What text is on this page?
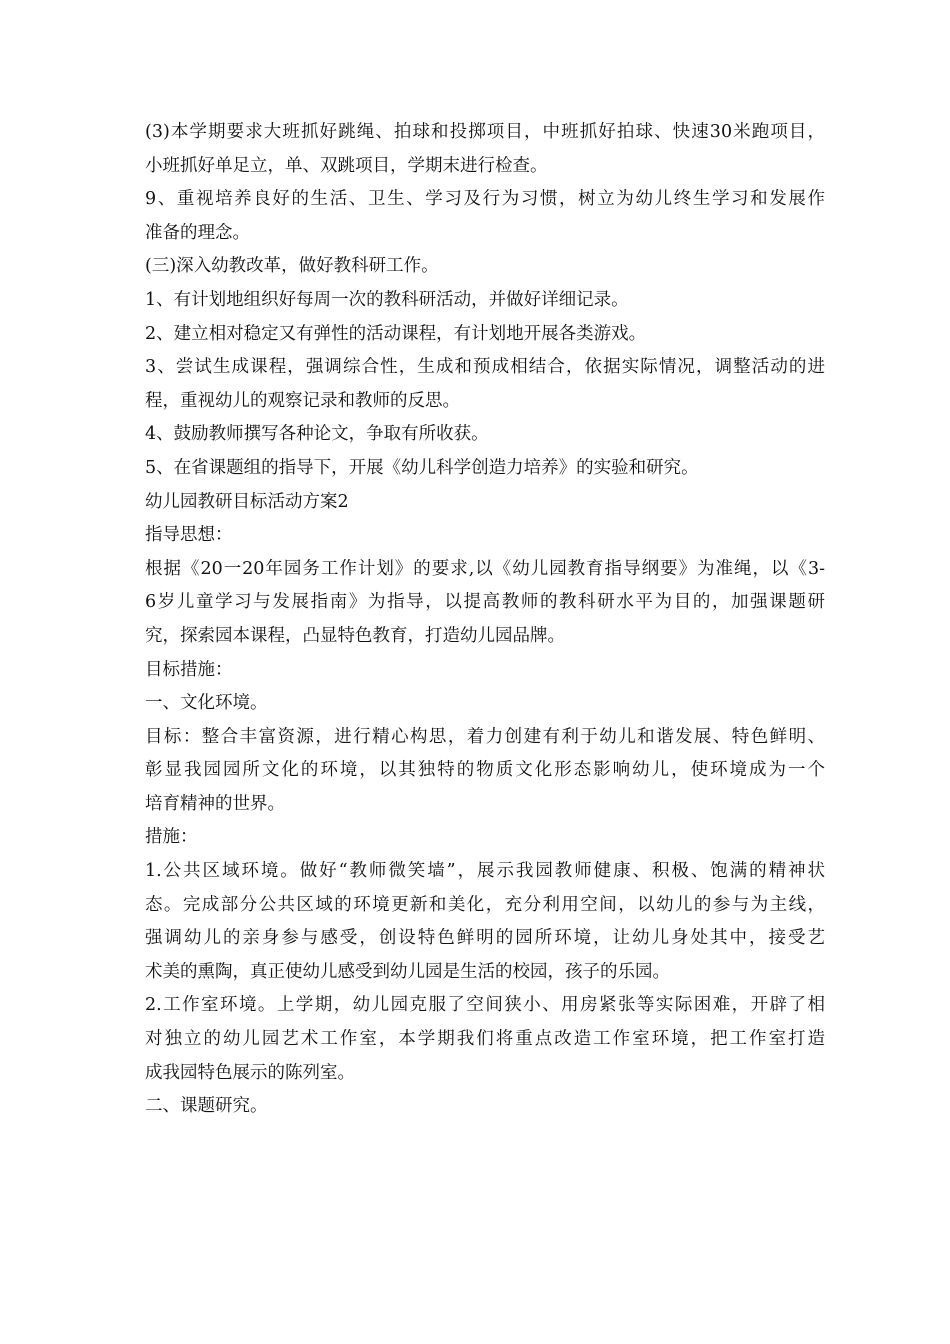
(3)本学期要求大班抓好跳绳、拍球和投掷项目，中班抓好拍球、快速30米跑项目，
小班抓好单足立，单、双跳项目，学期末进行检查。
9、重视培养良好的生活、卫生、学习及行为习惯，树立为幼儿终生学习和发展作
准备的理念。
(三)深入幼教改革，做好教科研工作。
1、有计划地组织好每周一次的教科研活动，并做好详细记录。
2、建立相对稳定又有弹性的活动课程，有计划地开展各类游戏。
3、尝试生成课程，强调综合性，生成和预成相结合，依据实际情况，调整活动的进
程，重视幼儿的观察记录和教师的反思。
4、鼓励教师撰写各种论文，争取有所收获。
5、在省课题组的指导下，开展《幼儿科学创造力培养》的实验和研究。
幼儿园教研目标活动方案2
指导思想：
根据《20一20年园务工作计划》的要求,以《幼儿园教育指导纲要》为准绳，以《3-
6岁儿童学习与发展指南》为指导，以提高教师的教科研水平为目的，加强课题研
究，探索园本课程，凸显特色教育，打造幼儿园品牌。
目标措施：
一、文化环境。
目标：整合丰富资源，进行精心构思，着力创建有利于幼儿和谐发展、特色鲜明、
彰显我园园所文化的环境，以其独特的物质文化形态影响幼儿，使环境成为一个
培育精神的世界。
措施：
1.公共区域环境。做好“教师微笑墙”，展示我园教师健康、积极、饱满的精神状
态。完成部分公共区域的环境更新和美化，充分利用空间，以幼儿的参与为主线，
强调幼儿的亲身参与感受，创设特色鲜明的园所环境，让幼儿身处其中，接受艺
术美的熏陶，真正使幼儿感受到幼儿园是生活的校园，孩子的乐园。
2.工作室环境。上学期，幼儿园克服了空间狭小、用房紧张等实际困难，开辟了相
对独立的幼儿园艺术工作室，本学期我们将重点改造工作室环境，把工作室打造
成我园特色展示的陈列室。
二、课题研究。
